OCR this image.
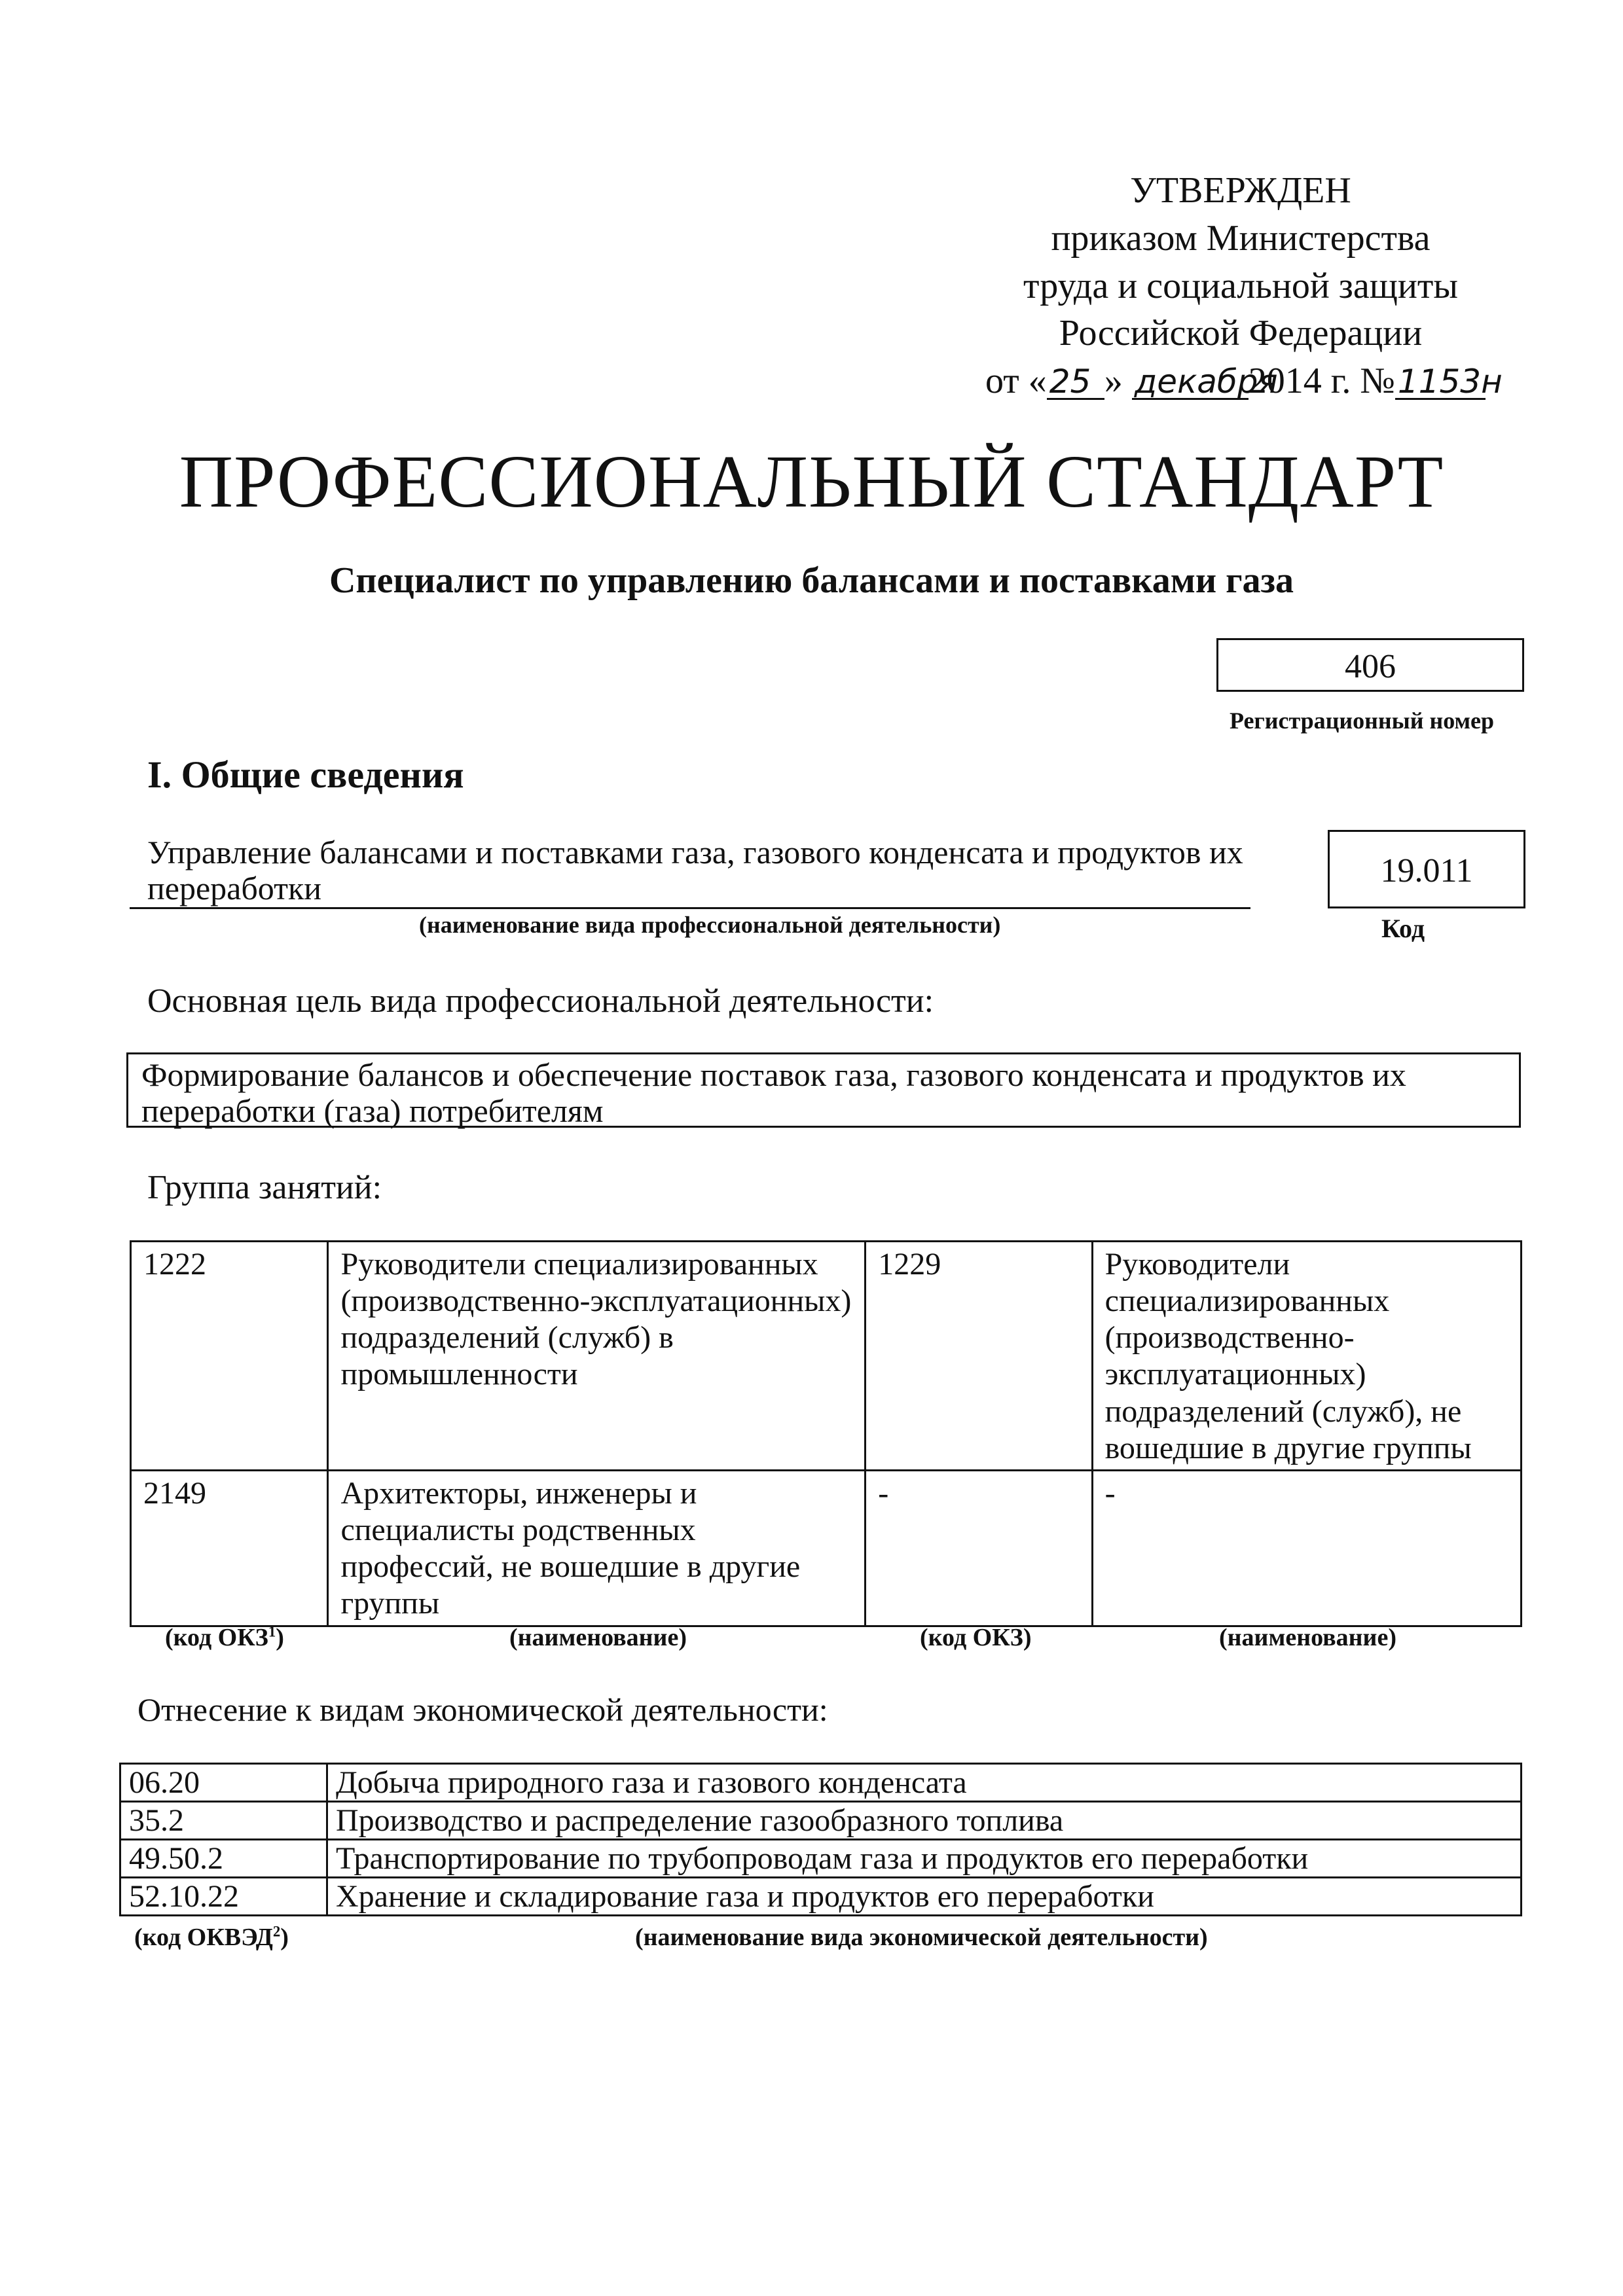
УТВЕРЖДЕН
приказом Министерства
труда и социальной защиты
Российской Федерации
от «25 » декабря2014 г. №1153н
ПРОФЕССИОНАЛЬНЫЙ СТАНДАРТ
Специалист по управлению балансами и поставками газа
406
Регистрационный номер
I. Общие сведения
Управление балансами и поставками газа, газового конденсата и продуктов их переработки
(наименование вида профессиональной деятельности)
19.011
Код
Основная цель вида профессиональной деятельности:
Формирование балансов и обеспечение поставок газа, газового конденсата и продуктов их переработки (газа) потребителям
Группа занятий:
1222	Руководители специализированных (производственно-эксплуатационных) подразделений (служб) в промышленности	1229	Руководители специализированных (производственно-эксплуатационных) подразделений (служб), не вошедшие в другие группы
2149	Архитекторы, инженеры и специалисты родственных профессий, не вошедшие в другие группы	-	-
(код ОКЗ$^1$)	(наименование)	(код ОКЗ)	(наименование)
Отнесение к видам экономической деятельности:
06.20	Добыча природного газа и газового конденсата
35.2	Производство и распределение газообразного топлива
49.50.2	Транспортирование по трубопроводам газа и продуктов его переработки
52.10.22	Хранение и складирование газа и продуктов его переработки
(код ОКВЭД$^2$)	(наименование вида экономической деятельности)
